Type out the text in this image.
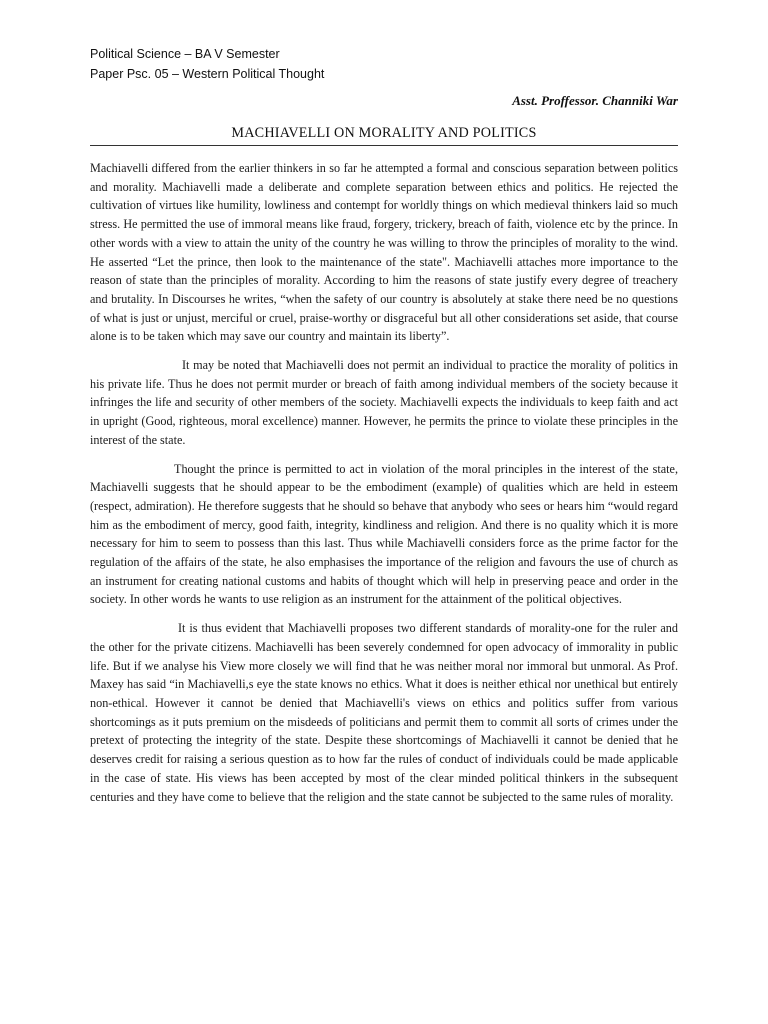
Political Science – BA V Semester
Paper Psc. 05 – Western Political Thought
Asst. Proffessor. Channiki War
MACHIAVELLI ON MORALITY AND POLITICS

Machiavelli differed from the earlier thinkers in so far he attempted a formal and conscious separation between politics and morality. Machiavelli made a deliberate and complete separation between ethics and politics. He rejected the cultivation of virtues like humility, lowliness and contempt for worldly things on which medieval thinkers laid so much stress. He permitted the use of immoral means like fraud, forgery, trickery, breach of faith, violence etc by the prince. In other words with a view to attain the unity of the country he was willing to throw the principles of morality to the wind. He asserted “Let the prince, then look to the maintenance of the state". Machiavelli attaches more importance to the reason of state than the principles of morality. According to him the reasons of state justify every degree of treachery and brutality. In Discourses he writes, “when the safety of our country is absolutely at stake there need be no questions of what is just or unjust, merciful or cruel, praise-worthy or disgraceful but all other considerations set aside, that course alone is to be taken which may save our country and maintain its liberty”.

It may be noted that Machiavelli does not permit an individual to practice the morality of politics in his private life. Thus he does not permit murder or breach of faith among individual members of the society because it infringes the life and security of other members of the society. Machiavelli expects the individuals to keep faith and act in upright (Good, righteous, moral excellence) manner. However, he permits the prince to violate these principles in the interest of the state.

Thought the prince is permitted to act in violation of the moral principles in the interest of the state, Machiavelli suggests that he should appear to be the embodiment (example) of qualities which are held in esteem (respect, admiration). He therefore suggests that he should so behave that anybody who sees or hears him “would regard him as the embodiment of mercy, good faith, integrity, kindliness and religion. And there is no quality which it is more necessary for him to seem to possess than this last. Thus while Machiavelli considers force as the prime factor for the regulation of the affairs of the state, he also emphasises the importance of the religion and favours the use of church as an instrument for creating national customs and habits of thought which will help in preserving peace and order in the society. In other words he wants to use religion as an instrument for the attainment of the political objectives.

It is thus evident that Machiavelli proposes two different standards of morality-one for the ruler and the other for the private citizens. Machiavelli has been severely condemned for open advocacy of immorality in public life. But if we analyse his View more closely we will find that he was neither moral nor immoral but unmoral. As Prof. Maxey has said “in Machiavelli,s eye the state knows no ethics. What it does is neither ethical nor unethical but entirely non-ethical. However it cannot be denied that Machiavelli's views on ethics and politics suffer from various shortcomings as it puts premium on the misdeeds of politicians and permit them to commit all sorts of crimes under the pretext of protecting the integrity of the state. Despite these shortcomings of Machiavelli it cannot be denied that he deserves credit for raising a serious question as to how far the rules of conduct of individuals could be made applicable in the case of state. His views has been accepted by most of the clear minded political thinkers in the subsequent centuries and they have come to believe that the religion and the state cannot be subjected to the same rules of morality.
